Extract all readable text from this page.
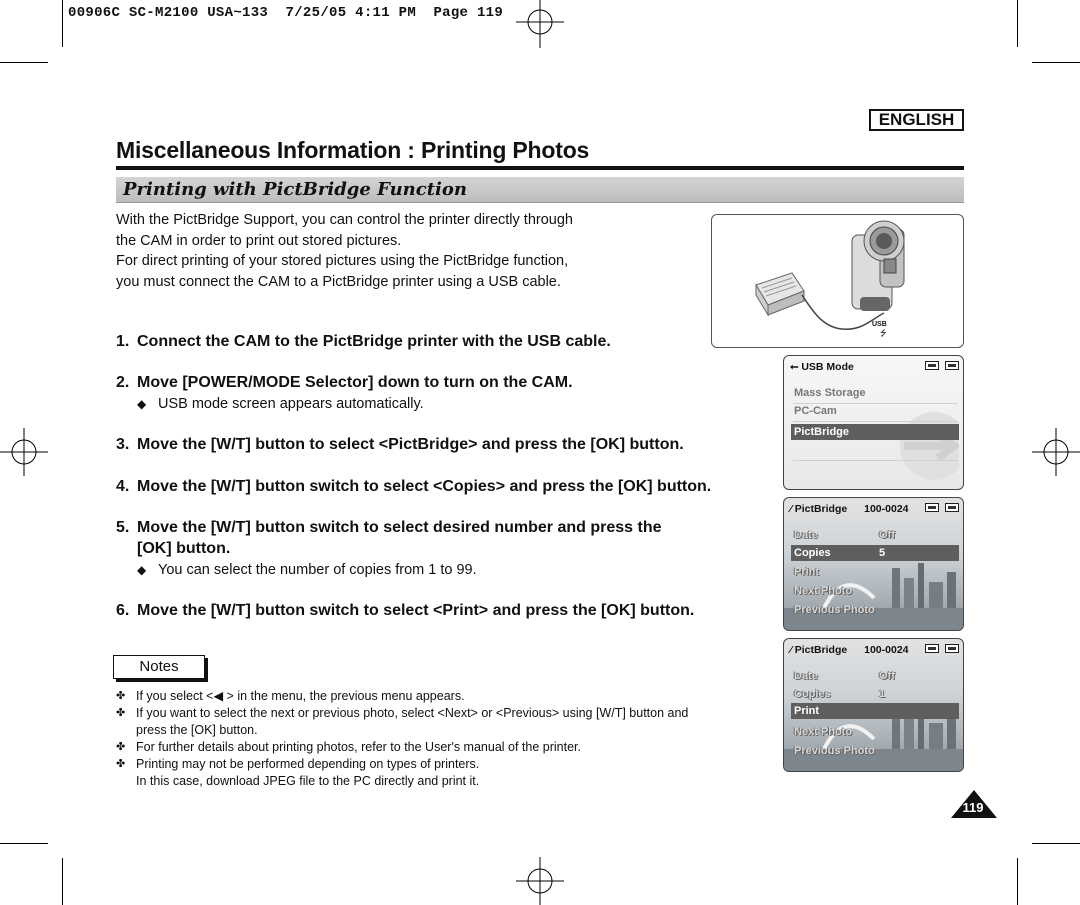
00906C SC-M2100 USA~133  7/25/05 4:11 PM  Page 119
ENGLISH
Miscellaneous Information : Printing Photos
Printing with PictBridge Function

With the PictBridge Support, you can control the printer directly through

the CAM in order to print out stored pictures.

For direct printing of your stored pictures using the PictBridge function,

you must connect the CAM to a PictBridge printer using a USB cable.

1. Connect the CAM to the PictBridge printer with the USB cable.
2. Move [POWER/MODE Selector] down to turn on the CAM.
◆ USB mode screen appears automatically.
3. Move the [W/T] button to select <PictBridge> and press the [OK] button.
4. Move the [W/T] button switch to select <Copies> and press the [OK] button.
5. Move the [W/T] button switch to select desired number and press the
[OK] button.
◆ You can select the number of copies from 1 to 99.
6. Move the [W/T] button switch to select <Print> and press the [OK] button.
Notes
✤ If you select <◀ > in the menu, the previous menu appears.
✤ If you want to select the next or previous photo, select <Next> or <Previous> using [W/T] button and
press the [OK] button.
✤ For further details about printing photos, refer to the User's manual of the printer.
✤ Printing may not be performed depending on types of printers.
In this case, download JPEG file to the PC directly and print it.
USB
⭍
⭠ USB Mode
Mass Storage
PC-Cam
PictBridge
⁄ PictBridge 100-0024
Date	Off
Copies	5
Print
Next Photo
Previous Photo
⁄ PictBridge 100-0024
Date	Off
Copies	1
Print
Next Photo
Previous Photo
119
